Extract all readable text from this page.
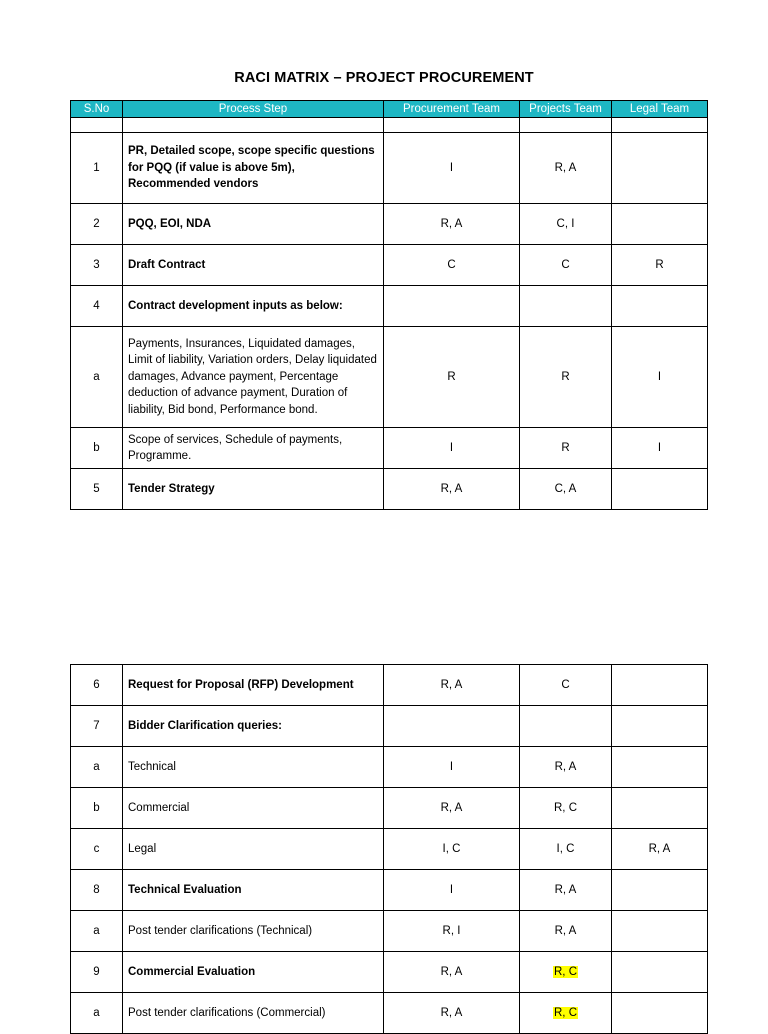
RACI MATRIX – PROJECT PROCUREMENT
S.No	Process Step	Procurement Team	Projects Team	Legal Team

1	PR, Detailed scope, scope specific questions for PQQ (if value is above 5m), Recommended vendors	I	R, A	
2	PQQ, EOI, NDA	R, A	C, I	
3	Draft Contract	C	C	R
4	Contract development inputs as below:			
a	Payments, Insurances, Liquidated damages, Limit of liability, Variation orders, Delay liquidated damages, Advance payment, Percentage deduction of advance payment, Duration of liability, Bid bond, Performance bond.	R	R	I
b	Scope of services, Schedule of payments, Programme.	I	R	I
5	Tender Strategy	R, A	C, A	
6	Request for Proposal (RFP) Development	R, A	C	
7	Bidder Clarification queries:			
a	Technical	I	R, A	
b	Commercial	R, A	R, C	
c	Legal	I, C	I, C	R, A
8	Technical Evaluation	I	R, A	
a	Post tender clarifications (Technical)	R, I	R, A	
9	Commercial Evaluation	R, A	R, C	
a	Post tender clarifications (Commercial)	R, A	R, C	
